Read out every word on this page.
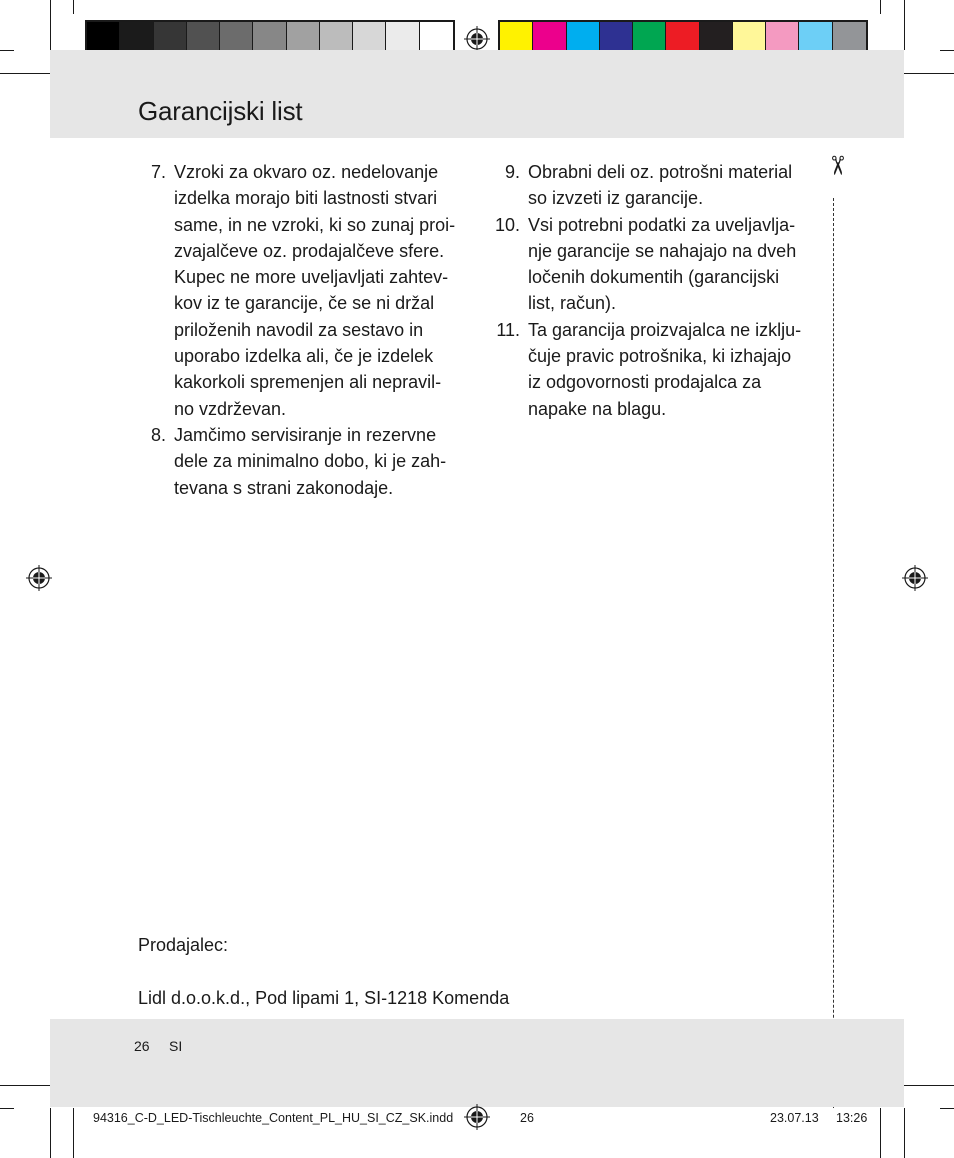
Garancijski list
7. Vzroki za okvaro oz. nedelovanje
izdelka morajo biti lastnosti stvari
same, in ne vzroki, ki so zunaj proi-
zvajalčeve oz. prodajalčeve sfere.
Kupec ne more uveljavljati zahtev-
kov iz te garancije, če se ni držal
priloženih navodil za sestavo in
uporabo izdelka ali, če je izdelek
kakorkoli spremenjen ali nepravil-
no vzdrževan.
8. Jamčimo servisiranje in rezervne
dele za minimalno dobo, ki je zah-
tevana s strani zakonodaje.
9. Obrabni deli oz. potrošni material
so izvzeti iz garancije.
10. Vsi potrebni podatki za uveljavlja-
nje garancije se nahajajo na dveh
ločenih dokumentih (garancijski
list, račun).
11. Ta garancija proizvajalca ne izklju-
čuje pravic potrošnika, ki izhajajo
iz odgovornosti prodajalca za
napake na blagu.
✂
Prodajalec:
Lidl d.o.o.k.d., Pod lipami 1, SI-1218 Komenda
26 SI
94316_C-D_LED-Tischleuchte_Content_PL_HU_SI_CZ_SK.indd	26	23.07.13 13:26
